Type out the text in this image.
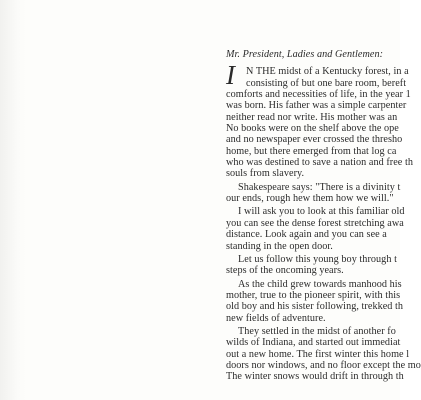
Mr. President, Ladies and Gentlemen:
I	N THE midst of a Kentucky forest, in a
consisting of but one bare room, bereft
comforts and necessities of life, in the year 1
was born. His father was a simple carpenter
neither read nor write. His mother was an
No books were on the shelf above the ope
and no newspaper ever crossed the thresho
home, but there emerged from that log ca
who was destined to save a nation and free th
souls from slavery.
Shakespeare says: "There is a divinity t
our ends, rough hew them how we will."
I will ask you to look at this familiar old
you can see the dense forest stretching awa
distance. Look again and you can see a
standing in the open door.
Let us follow this young boy through t
steps of the oncoming years.
As the child grew towards manhood his
mother, true to the pioneer spirit, with this
old boy and his sister following, trekked th
new fields of adventure.
They settled in the midst of another fo
wilds of Indiana, and started out immediat
out a new home. The first winter this home l
doors nor windows, and no floor except the mo
The winter snows would drift in through th
